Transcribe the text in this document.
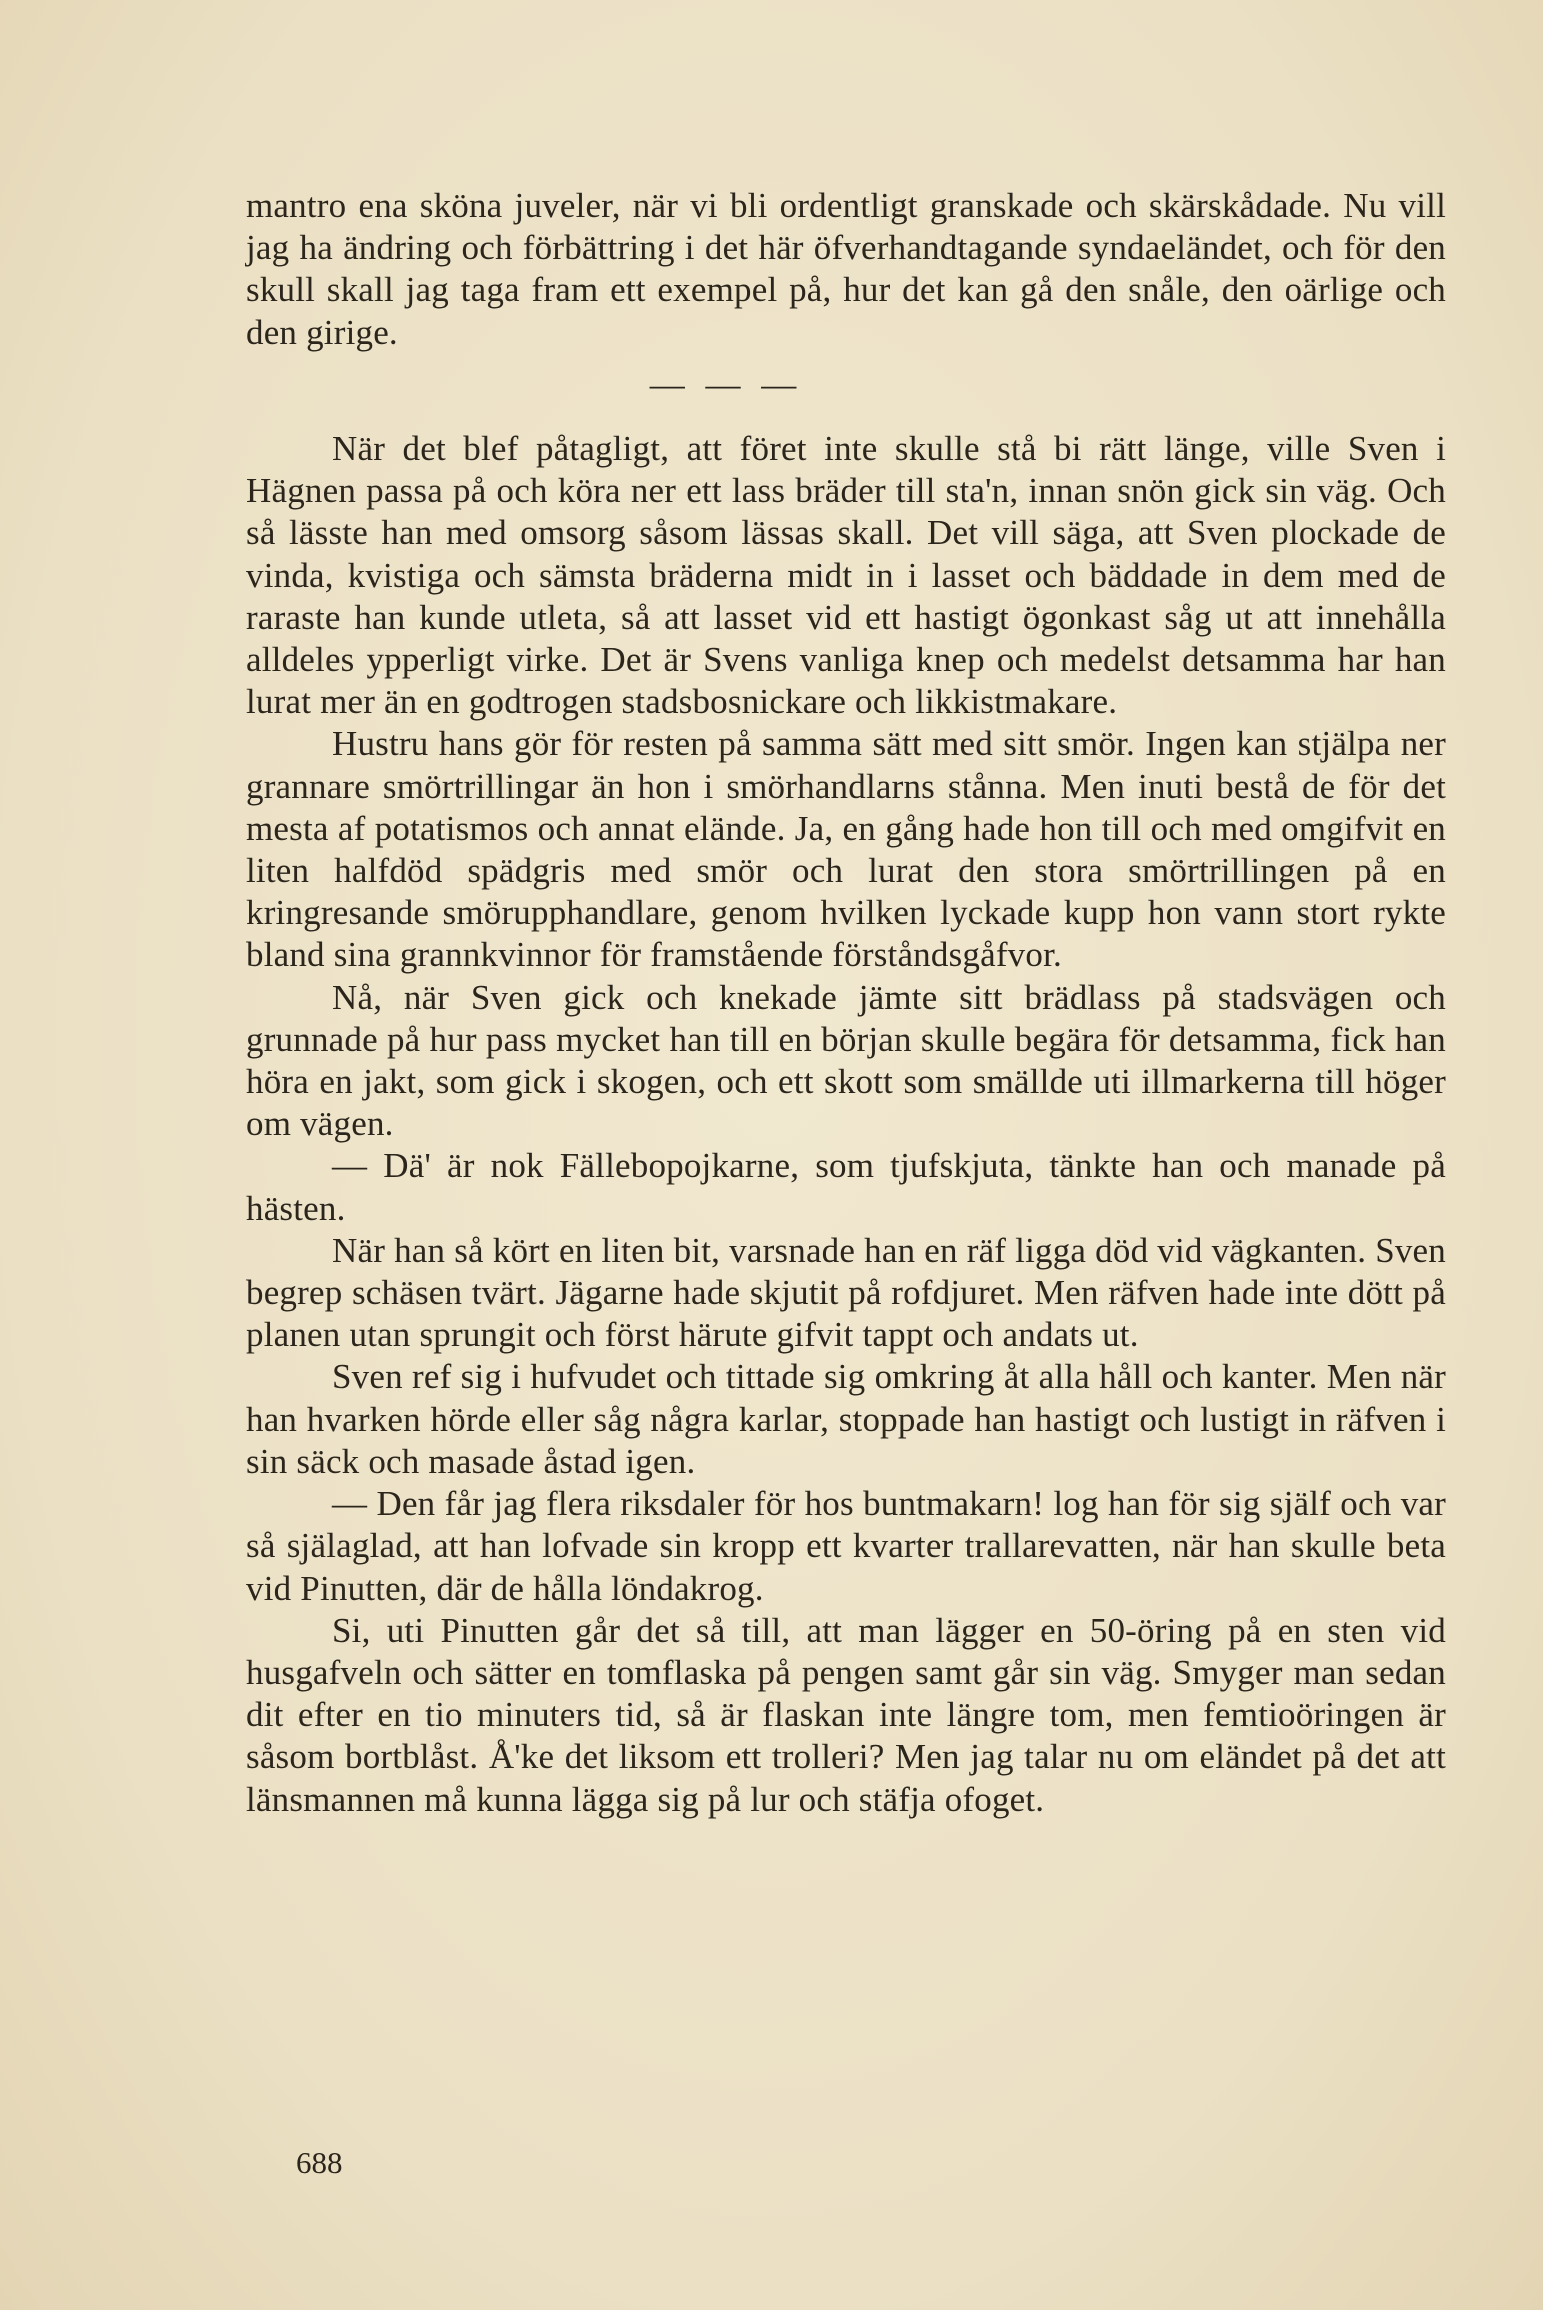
mantro ena sköna juveler, när vi bli ordentligt granskade och skärskådade. Nu vill jag ha ändring och förbättring i det här öfverhandtagande syndaeländet, och för den skull skall jag taga fram ett exempel på, hur det kan gå den snåle, den oärlige och den girige.

— — —

När det blef påtagligt, att föret inte skulle stå bi rätt länge, ville Sven i Hägnen passa på och köra ner ett lass bräder till sta'n, innan snön gick sin väg. Och så lässte han med omsorg såsom lässas skall. Det vill säga, att Sven plockade de vinda, kvistiga och sämsta bräderna midt in i lasset och bäddade in dem med de raraste han kunde utleta, så att lasset vid ett hastigt ögonkast såg ut att innehålla alldeles ypperligt virke. Det är Svens vanliga knep och medelst detsamma har han lurat mer än en godtrogen stadsbosnickare och likkistmakare.

Hustru hans gör för resten på samma sätt med sitt smör. Ingen kan stjälpa ner grannare smörtrillingar än hon i smörhandlarns stånna. Men inuti bestå de för det mesta af potatismos och annat elände. Ja, en gång hade hon till och med omgifvit en liten halfdöd spädgris med smör och lurat den stora smörtrillingen på en kringresande smörupphandlare, genom hvilken lyckade kupp hon vann stort rykte bland sina grannkvinnor för framstående förståndsgåfvor.

Nå, när Sven gick och knekade jämte sitt brädlass på stadsvägen och grunnade på hur pass mycket han till en början skulle begära för detsamma, fick han höra en jakt, som gick i skogen, och ett skott som smällde uti illmarkerna till höger om vägen.

— Dä' är nok Fällebopojkarne, som tjufskjuta, tänkte han och manade på hästen.

När han så kört en liten bit, varsnade han en räf ligga död vid vägkanten. Sven begrep schäsen tvärt. Jägarne hade skjutit på rofdjuret. Men räfven hade inte dött på planen utan sprungit och först härute gifvit tappt och andats ut.

Sven ref sig i hufvudet och tittade sig omkring åt alla håll och kanter. Men när han hvarken hörde eller såg några karlar, stoppade han hastigt och lustigt in räfven i sin säck och masade åstad igen.

— Den får jag flera riksdaler för hos buntmakarn! log han för sig själf och var så själaglad, att han lofvade sin kropp ett kvarter trallarevatten, när han skulle beta vid Pinutten, där de hålla löndakrog.

Si, uti Pinutten går det så till, att man lägger en 50-öring på en sten vid husgafveln och sätter en tomflaska på pengen samt går sin väg. Smyger man sedan dit efter en tio minuters tid, så är flaskan inte längre tom, men femtioöringen är såsom bortblåst. Å'ke det liksom ett trolleri? Men jag talar nu om eländet på det att länsmannen må kunna lägga sig på lur och stäfja ofoget.

688
